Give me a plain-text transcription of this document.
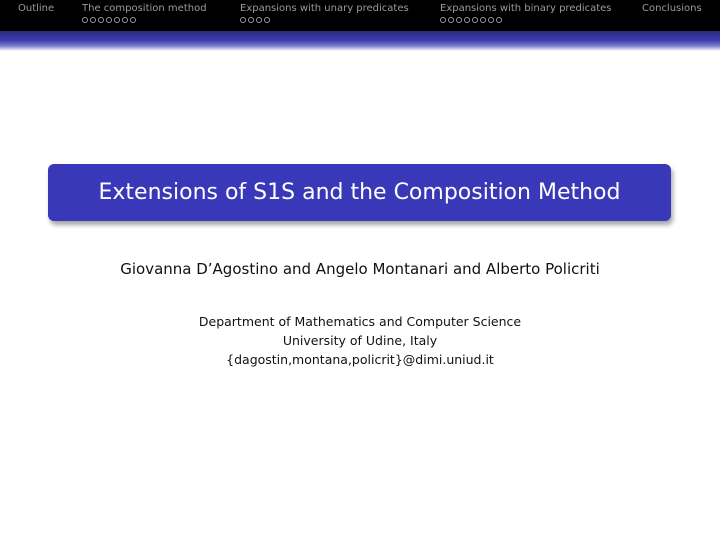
Outline	The composition method	Expansions with unary predicates	Expansions with binary predicates	Conclusions
Extensions of S1S and the Composition Method
Giovanna D’Agostino and Angelo Montanari and Alberto Policriti
Department of Mathematics and Computer Science
University of Udine, Italy
{dagostin,montana,policrit}@dimi.uniud.it
